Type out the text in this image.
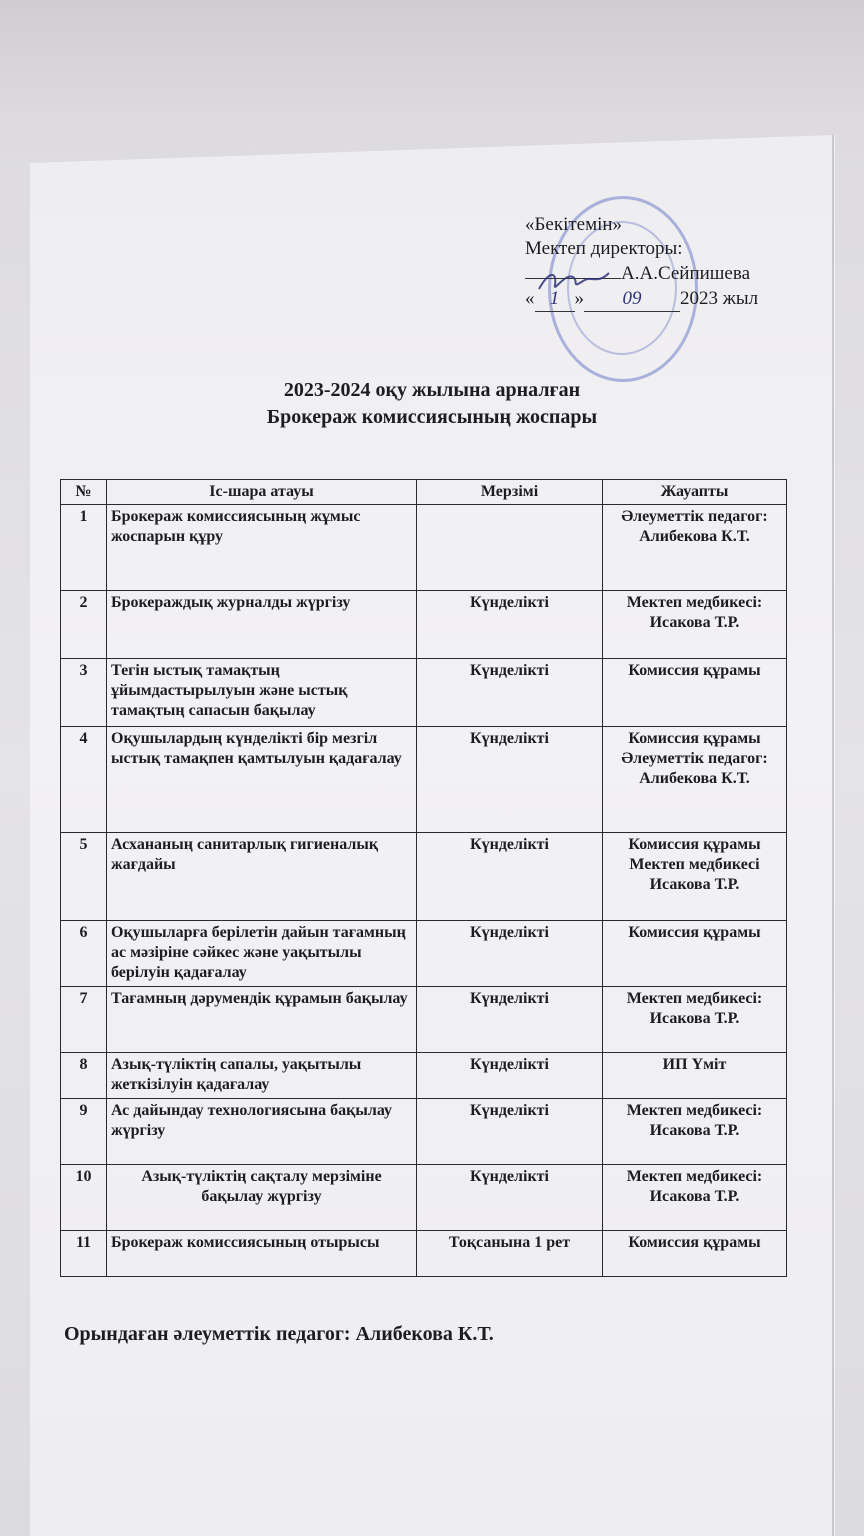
«Бекітемін»
Мектеп директоры:
А.А.Сейпишева
« 1 » 09 2023 жыл
2023-2024 оқу жылына арналған
Брокераж комиссиясының жоспары
№	Іс-шара атауы	Мерзімі	Жауапты
1	Брокераж комиссиясының жұмыс жоспарын құру		Әлеуметтік педагог: Алибекова К.Т.
2	Брокераждық журналды жүргізу	Күнделікті	Мектеп медбикесі: Исакова Т.Р.
3	Тегін ыстық тамақтың ұйымдастырылуын және ыстық тамақтың сапасын бақылау	Күнделікті	Комиссия құрамы
4	Оқушылардың күнделікті бір мезгіл ыстық тамақпен қамтылуын қадағалау	Күнделікті	Комиссия құрамы Әлеуметтік педагог: Алибекова К.Т.
5	Асхананың санитарлық гигиеналық жағдайы	Күнделікті	Комиссия құрамы Мектеп медбикесі Исакова Т.Р.
6	Оқушыларға берілетін дайын тағамның ас мәзіріне сәйкес және уақытылы берілуін қадағалау	Күнделікті	Комиссия құрамы
7	Тағамның дәрумендік құрамын бақылау	Күнделікті	Мектеп медбикесі: Исакова Т.Р.
8	Азық-түліктің сапалы, уақытылы жеткізілуін қадағалау	Күнделікті	ИП Үміт
9	Ас дайындау технологиясына бақылау жүргізу	Күнделікті	Мектеп медбикесі: Исакова Т.Р.
10	Азық-түліктің сақталу мерзіміне бақылау жүргізу	Күнделікті	Мектеп медбикесі: Исакова Т.Р.
11	Брокераж комиссиясының отырысы	Тоқсанына 1 рет	Комиссия құрамы
Орындаған әлеуметтік педагог: Алибекова К.Т.
